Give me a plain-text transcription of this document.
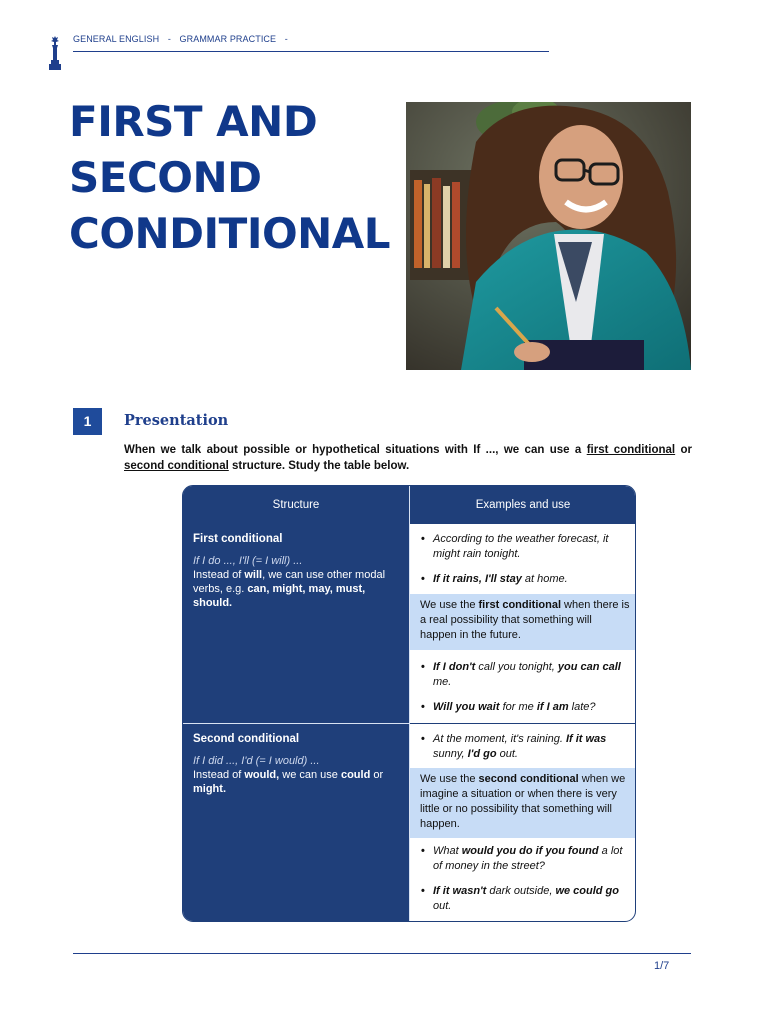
GENERAL ENGLISH - GRAMMAR PRACTICE -
FIRST AND
SECOND
CONDITIONAL
1	Presentation
When we talk about possible or hypothetical situations with If ..., we can use a first conditional or second conditional structure. Study the table below.
Structure	Examples and use
First conditional
If I do ..., I'll (= I will) ...
Instead of will, we can use other modal verbs, e.g. can, might, may, must, should.
Second conditional
If I did ..., I'd (= I would) ...
Instead of would, we can use could or might.
• According to the weather forecast, it might rain tonight.
• If it rains, I'll stay at home.
We use the first conditional when there is a real possibility that something will happen in the future.
• If I don't call you tonight, you can call me.
• Will you wait for me if I am late?
• At the moment, it's raining. If it was sunny, I'd go out.
We use the second conditional when we imagine a situation or when there is very little or no possibility that something will happen.
• What would you do if you found a lot of money in the street?
• If it wasn't dark outside, we could go out.
1/7
